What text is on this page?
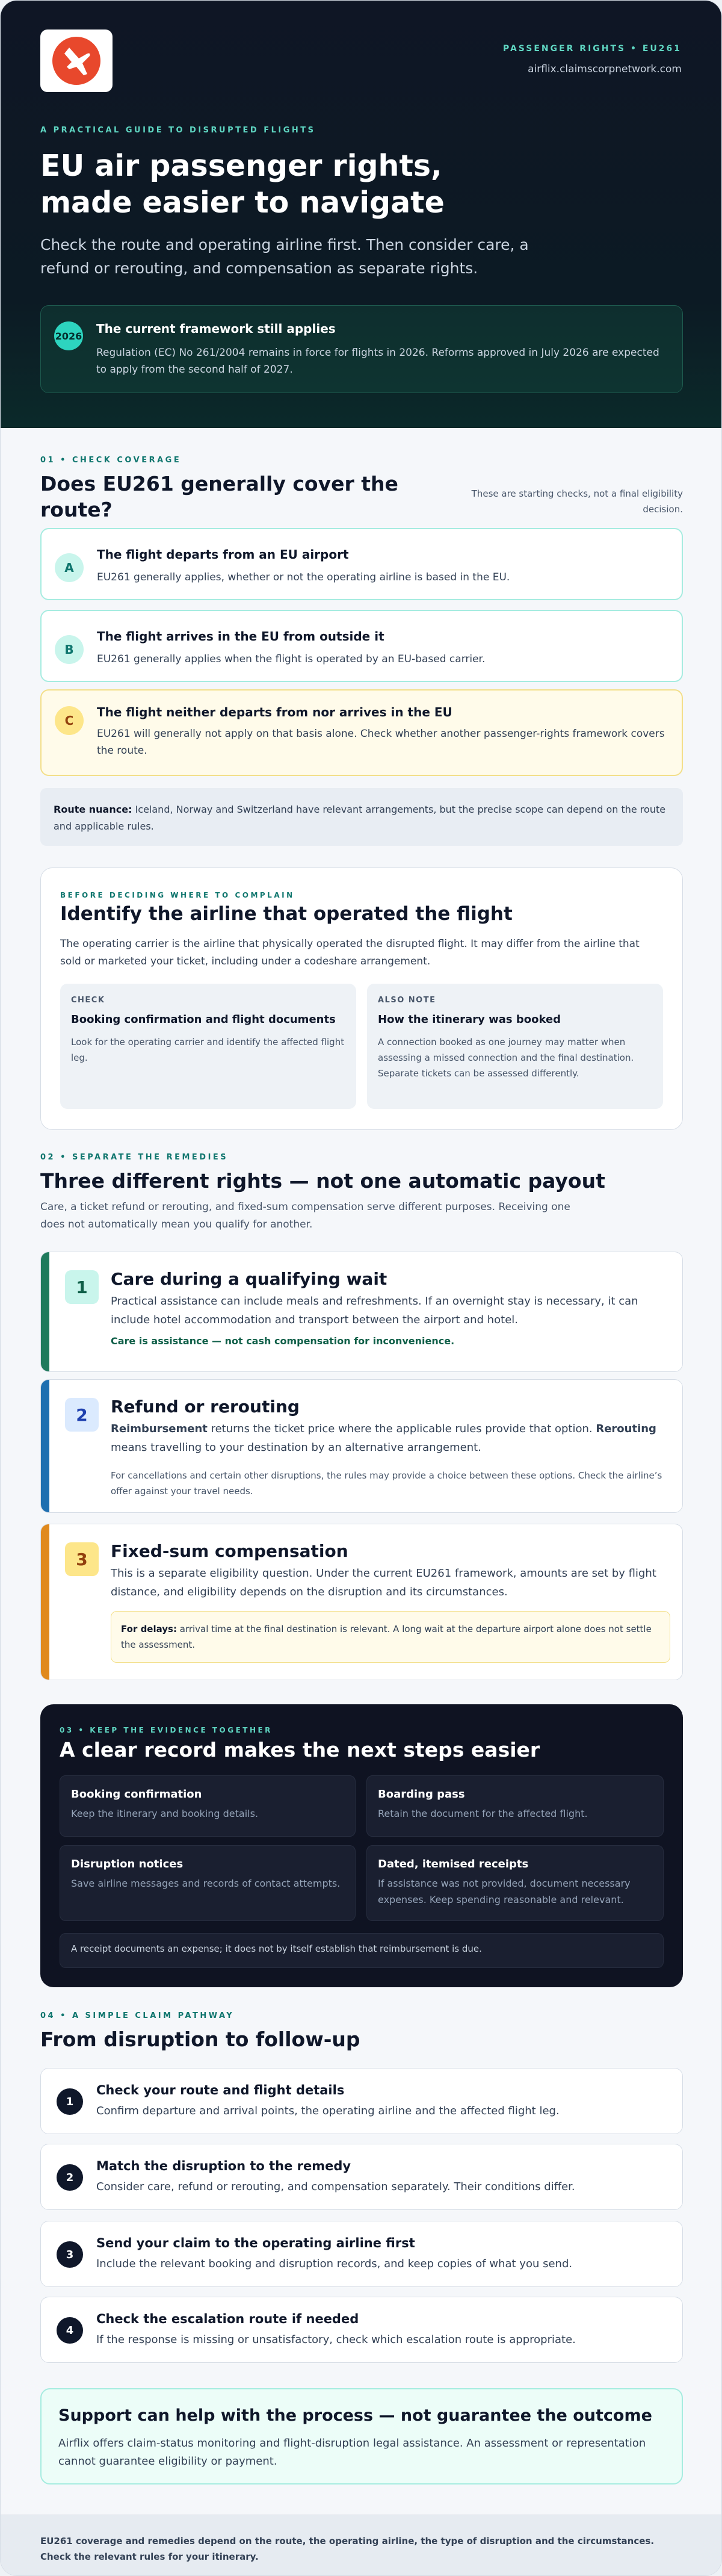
PASSENGER RIGHTS • EU261
airflix.claimscorpnetwork.com
A PRACTICAL GUIDE TO DISRUPTED FLIGHTS
EU air passenger rights,
made easier to navigate

Check the route and operating airline first. Then consider care, a refund or rerouting, and compensation as separate rights.

2026 The current framework still applies

Regulation (EC) No 261/2004 remains in force for flights in 2026. Reforms approved in July 2026 are expected to apply from the second half of 2027.

01 • CHECK COVERAGE
Does EU261 generally cover the route?
These are starting checks, not a final eligibility decision.
A
The flight departs from an EU airport

EU261 generally applies, whether or not the operating airline is based in the EU.

B
The flight arrives in the EU from outside it

EU261 generally applies when the flight is operated by an EU-based carrier.

C
The flight neither departs from nor arrives in the EU

EU261 will generally not apply on that basis alone. Check whether another passenger-rights framework covers the route.

Route nuance: Iceland, Norway and Switzerland have relevant arrangements, but the precise scope can depend on the route and applicable rules.
BEFORE DECIDING WHERE TO COMPLAIN
Identify the airline that operated the flight

The operating carrier is the airline that physically operated the disrupted flight. It may differ from the airline that sold or marketed your ticket, including under a codeshare arrangement.

CHECK
Booking confirmation and flight documents

Look for the operating carrier and identify the affected flight leg.

ALSO NOTE
How the itinerary was booked

A connection booked as one journey may matter when assessing a missed connection and the final destination. Separate tickets can be assessed differently.

02 • SEPARATE THE REMEDIES
Three different rights — not one automatic payout

Care, a ticket refund or rerouting, and fixed-sum compensation serve different purposes. Receiving one does not automatically mean you qualify for another.

1	Care during a qualifying wait

Practical assistance can include meals and refreshments. If an overnight stay is necessary, it can include hotel accommodation and transport between the airport and hotel.

Care is assistance — not cash compensation for inconvenience.

2	Refund or rerouting

Reimbursement returns the ticket price where the applicable rules provide that option. Rerouting means travelling to your destination by an alternative arrangement.

For cancellations and certain other disruptions, the rules may provide a choice between these options. Check the airline’s offer against your travel needs.

3	Fixed-sum compensation

This is a separate eligibility question. Under the current EU261 framework, amounts are set by flight distance, and eligibility depends on the disruption and its circumstances.

For delays: arrival time at the final destination is relevant. A long wait at the departure airport alone does not settle the assessment.
03 • KEEP THE EVIDENCE TOGETHER
A clear record makes the next steps easier
Booking confirmation

Keep the itinerary and booking details.

Boarding pass

Retain the document for the affected flight.

Disruption notices

Save airline messages and records of contact attempts.

Dated, itemised receipts

If assistance was not provided, document necessary expenses. Keep spending reasonable and relevant.

A receipt documents an expense; it does not by itself establish that reimbursement is due.
04 • A SIMPLE CLAIM PATHWAY
From disruption to follow-up
1
Check your route and flight details

Confirm departure and arrival points, the operating airline and the affected flight leg.

2
Match the disruption to the remedy

Consider care, refund or rerouting, and compensation separately. Their conditions differ.

3
Send your claim to the operating airline first

Include the relevant booking and disruption records, and keep copies of what you send.

4
Check the escalation route if needed

If the response is missing or unsatisfactory, check which escalation route is appropriate.

Support can help with the process — not guarantee the outcome

Airflix offers claim-status monitoring and flight-disruption legal assistance. An assessment or representation cannot guarantee eligibility or payment.

EU261 coverage and remedies depend on the route, the operating airline, the type of disruption and the circumstances. Check the relevant rules for your itinerary.
